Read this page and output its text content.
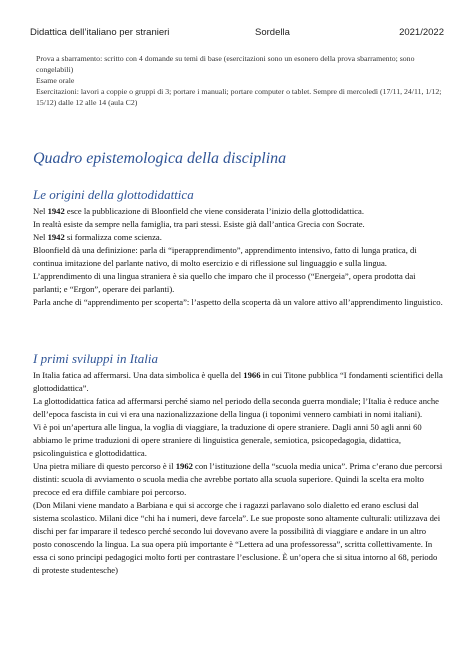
Didattica dell’italiano per stranieri	Sordella	2021/2022

Prova a sbarramento: scritto con 4 domande su temi di base (esercitazioni sono un esonero della prova sbarramento; sono congelabili)

Esame orale

Esercitazioni: lavori a coppie o gruppi di 3; portare i manuali; portare computer o tablet. Sempre di mercoledì (17/11, 24/11, 1/12; 15/12) dalle 12 alle 14 (aula C2)

Quadro epistemologica della disciplina
Le origini della glottodidattica

Nel 1942 esce la pubblicazione di Bloonfield che viene considerata l’inizio della glottodidattica.

In realtà esiste da sempre nella famiglia, tra pari stessi. Esiste già dall’antica Grecia con Socrate.

Nel 1942 si formalizza come scienza.

Bloonfield dà una definizione: parla di “iperapprendimento”, apprendimento intensivo, fatto di lunga pratica, di continua imitazione del parlante nativo, di molto esercizio e di riflessione sul linguaggio e sulla lingua.

L’apprendimento di una lingua straniera è sia quello che imparo che il processo (“Energeia”, opera prodotta dai parlanti; e “Ergon”, operare dei parlanti).

Parla anche di “apprendimento per scoperta”: l’aspetto della scoperta dà un valore attivo all’apprendimento linguistico.

I primi sviluppi in Italia

In Italia fatica ad affermarsi. Una data simbolica è quella del 1966 in cui Titone pubblica “I fondamenti scientifici della glottodidattica”.

La glottodidattica fatica ad affermarsi perché siamo nel periodo della seconda guerra mondiale; l’Italia è reduce anche dell’epoca fascista in cui vi era una nazionalizzazione della lingua (i toponimi vennero cambiati in nomi italiani).

Vi è poi un’apertura alle lingua, la voglia di viaggiare, la traduzione di opere straniere. Dagli anni 50 agli anni 60 abbiamo le prime traduzioni di opere straniere di linguistica generale, semiotica, psicopedagogia, didattica, psicolinguistica e glottodidattica.

Una pietra miliare di questo percorso è il 1962 con l’istituzione della “scuola media unica”. Prima c’erano due percorsi distinti: scuola di avviamento o scuola media che avrebbe portato alla scuola superiore. Quindi la scelta era molto precoce ed era diffile cambiare poi percorso.

(Don Milani viene mandato a Barbiana e qui si accorge che i ragazzi parlavano solo dialetto ed erano esclusi dal sistema scolastico. Milani dice “chi ha i numeri, deve farcela”. Le sue proposte sono altamente culturali: utilizzava dei dischi per far imparare il tedesco perché secondo lui dovevano avere la possibilità di viaggiare e andare in un altro posto conoscendo la lingua. La sua opera più importante è “Lettera ad una professoressa”, scritta collettivamente. In essa ci sono principi pedagogici molto forti per contrastare l’esclusione. È un’opera che si situa intorno al 68, periodo di proteste studentesche)
